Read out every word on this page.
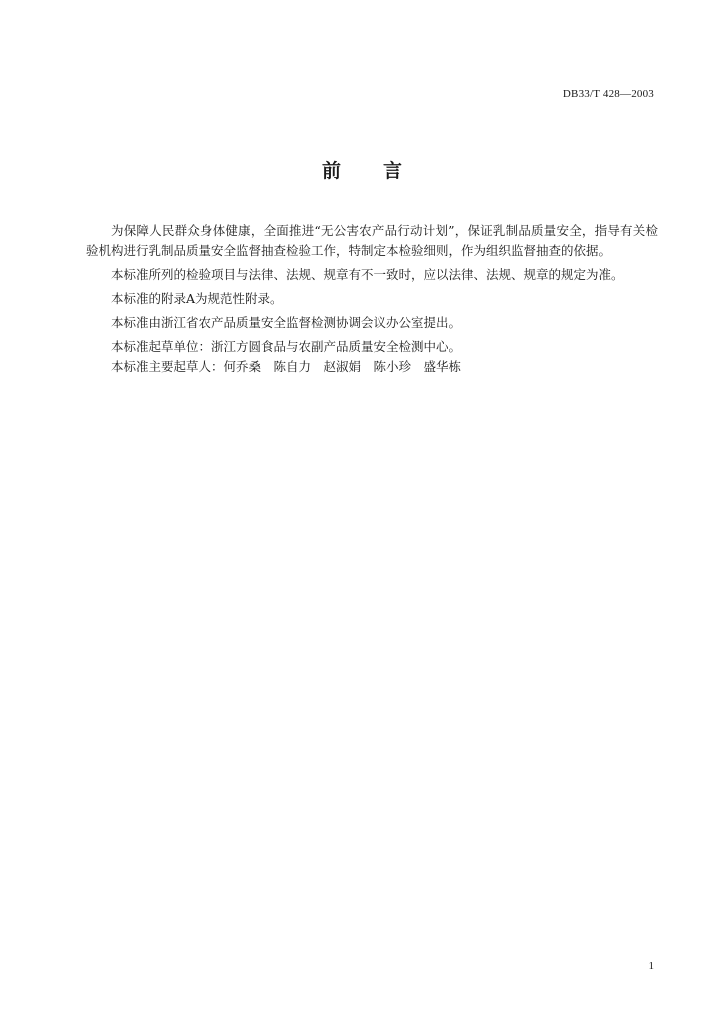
DB33/T 428—2003
前言

为保障人民群众身体健康，全面推进“无公害农产品行动计划”，保证乳制品质量安全，指导有关检验机构进行乳制品质量安全监督抽查检验工作，特制定本检验细则，作为组织监督抽查的依据。

本标准所列的检验项目与法律、法规、规章有不一致时，应以法律、法规、规章的规定为准。

本标准的附录A为规范性附录。

本标准由浙江省农产品质量安全监督检测协调会议办公室提出。

本标准起草单位：浙江方圆食品与农副产品质量安全检测中心。

本标准主要起草人：何乔桑　陈自力　赵淑娟　陈小珍　盛华栋

1
